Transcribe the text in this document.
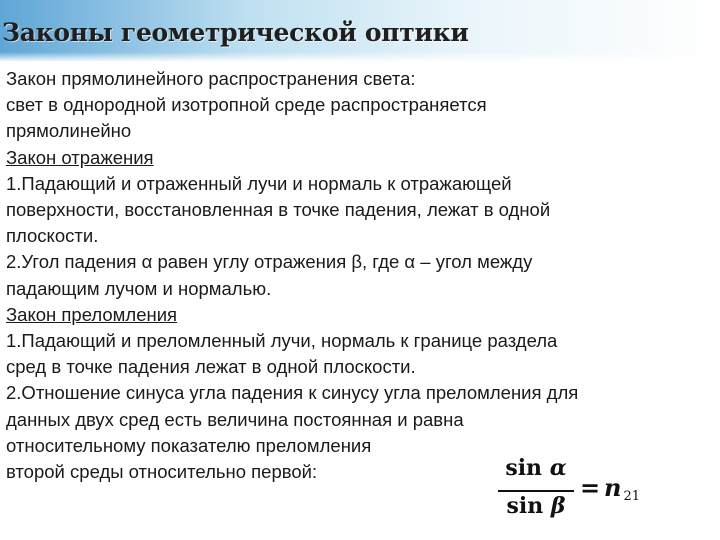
Законы геометрической оптики
Закон прямолинейного распространения света:
свет в однородной изотропной среде распространяется
прямолинейно
Закон отражения
1.Падающий и отраженный лучи и нормаль к отражающей
поверхности, восстановленная в точке падения, лежат в одной
плоскости.
2.Угол падения α равен углу отражения β, где α – угол между
падающим лучом и нормалью.
Закон преломления
1.Падающий и преломленный лучи, нормаль к границе раздела
сред в точке падения лежат в одной плоскости.
2.Отношение синуса угла падения к синусу угла преломления для
данных двух сред есть величина постоянная и равна
относительному показателю преломления
второй среды относительно первой:	sin α
sin β
= n $_{21}$
